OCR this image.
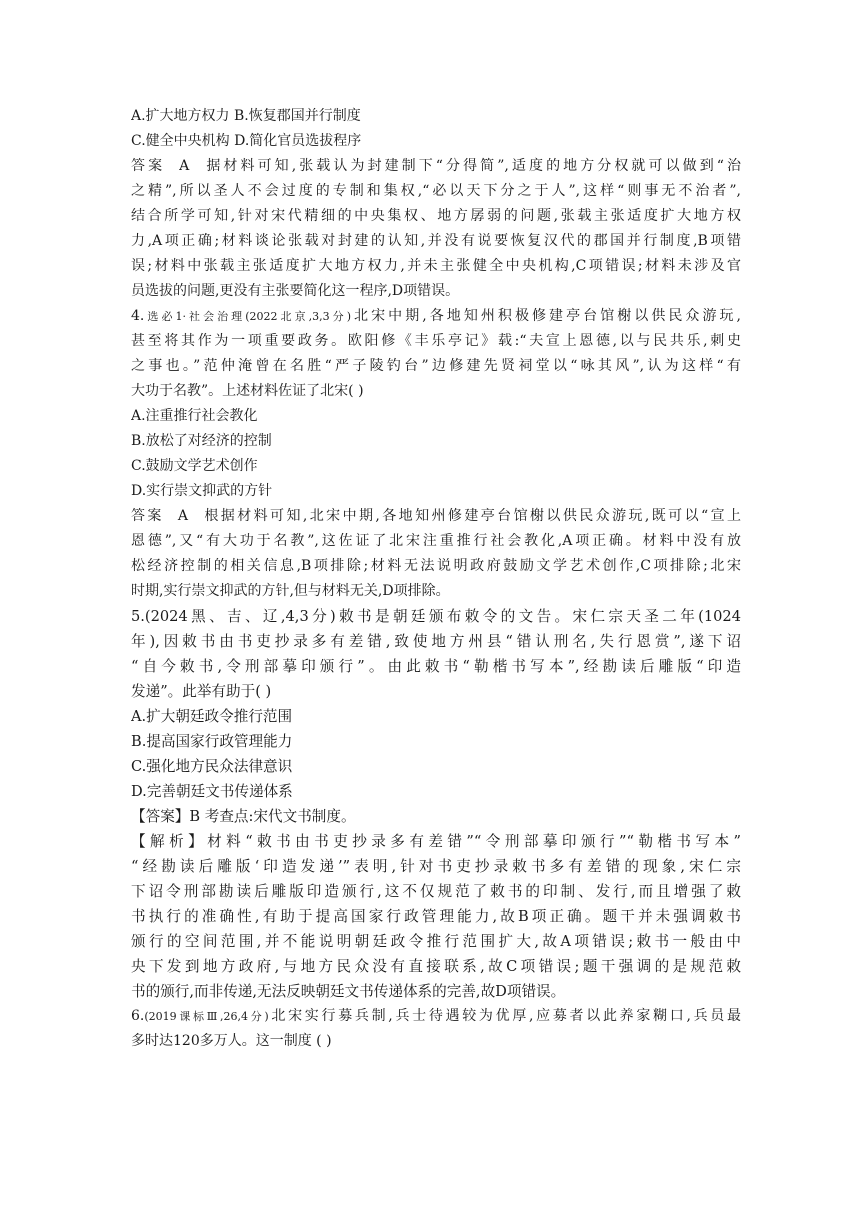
A.扩大地方权力 B.恢复郡国并行制度
C.健全中央机构 D.简化官员选拔程序
答案 A 据材料可知,张载认为封建制下“分得简”,适度的地方分权就可以做到“治
之精”,所以圣人不会过度的专制和集权,“必以天下分之于人”,这样“则事无不治者”,
结合所学可知,针对宋代精细的中央集权、地方孱弱的问题,张载主张适度扩大地方权
力,A项正确;材料谈论张载对封建的认知,并没有说要恢复汉代的郡国并行制度,B项错
误;材料中张载主张适度扩大地方权力,并未主张健全中央机构,C项错误;材料未涉及官
员选拔的问题,更没有主张要简化这一程序,D项错误。
4.选必1·社会治理(2022北京,3,3分)北宋中期,各地知州积极修建亭台馆榭以供民众游玩,
甚至将其作为一项重要政务。欧阳修《丰乐亭记》载:“夫宣上恩德,以与民共乐,刺史
之事也。”范仲淹曾在名胜“严子陵钓台”边修建先贤祠堂以“咏其风”,认为这样“有
大功于名教”。上述材料佐证了北宋( )
A.注重推行社会教化
B.放松了对经济的控制
C.鼓励文学艺术创作
D.实行崇文抑武的方针
答案 A 根据材料可知,北宋中期,各地知州修建亭台馆榭以供民众游玩,既可以“宣上
恩德”,又“有大功于名教”,这佐证了北宋注重推行社会教化,A项正确。材料中没有放
松经济控制的相关信息,B项排除;材料无法说明政府鼓励文学艺术创作,C项排除;北宋
时期,实行崇文抑武的方针,但与材料无关,D项排除。
5.(2024黑、吉、辽,4,3分)敕书是朝廷颁布敕令的文告。宋仁宗天圣二年(1024
年),因敕书由书吏抄录多有差错,致使地方州县“错认刑名,失行恩赏”,遂下诏
“自今敕书,令刑部摹印颁行”。由此敕书“勒楷书写本”,经勘读后雕版“印造
发递”。此举有助于( )
A.扩大朝廷政令推行范围
B.提高国家行政管理能力
C.强化地方民众法律意识
D.完善朝廷文书传递体系
【答案】B 考查点:宋代文书制度。
【解析】材料“敕书由书吏抄录多有差错”“令刑部摹印颁行”“勒楷书写本”
“经勘读后雕版‘印造发递’”表明,针对书吏抄录敕书多有差错的现象,宋仁宗
下诏令刑部勘读后雕版印造颁行,这不仅规范了敕书的印制、发行,而且增强了敕
书执行的准确性,有助于提高国家行政管理能力,故B项正确。题干并未强调敕书
颁行的空间范围,并不能说明朝廷政令推行范围扩大,故A项错误;敕书一般由中
央下发到地方政府,与地方民众没有直接联系,故C项错误;题干强调的是规范敕
书的颁行,而非传递,无法反映朝廷文书传递体系的完善,故D项错误。
6.(2019课标Ⅲ,26,4分)北宋实行募兵制,兵士待遇较为优厚,应募者以此养家糊口,兵员最
多时达120多万人。这一制度 ( )
